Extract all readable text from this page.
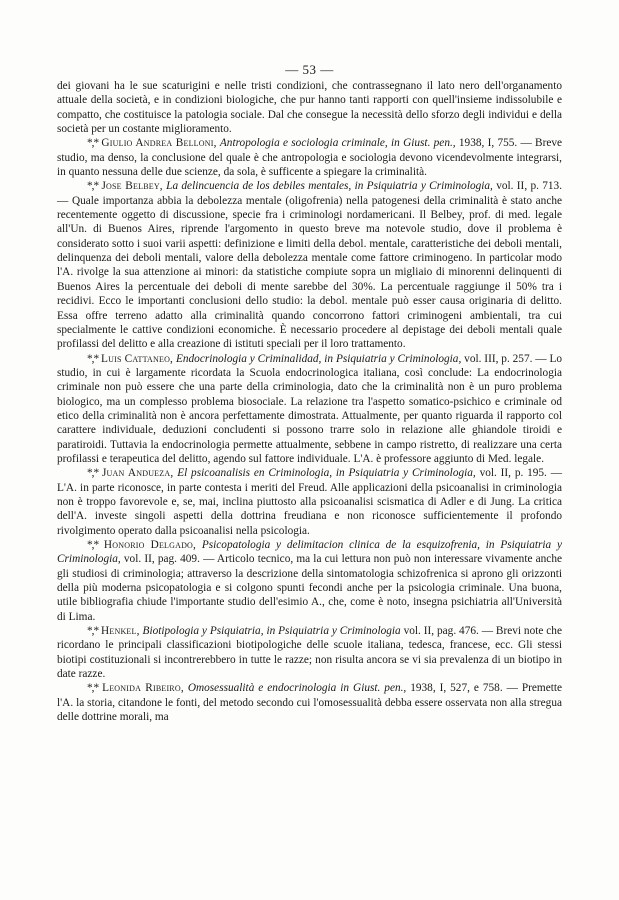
— 53 —

dei giovani ha le sue scaturigini e nelle tristi condizioni, che contrassegnano il lato nero dell'organamento attuale della società, e in condizioni biologiche, che pur hanno tanti rapporti con quell'insieme indissolubile e compatto, che costituisce la patologia sociale. Dal che consegue la necessità dello sforzo degli individui e della società per un costante miglioramento.

*,* Giulio Andrea Belloni, Antropologia e sociologia criminale, in Giust. pen., 1938, I, 755. — Breve studio, ma denso, la conclusione del quale è che antropologia e sociologia devono vicendevolmente integrarsi, in quanto nessuna delle due scienze, da sola, è sufficente a spiegare la criminalità.

*,* Jose Belbey, La delincuencia de los debiles mentales, in Psiquiatria y Criminologia, vol. II, p. 713. — Quale importanza abbia la debolezza mentale (oligofrenia) nella patogenesi della criminalità è stato anche recentemente oggetto di discussione, specie fra i criminologi nordamericani. Il Belbey, prof. di med. legale all'Un. di Buenos Aires, riprende l'argomento in questo breve ma notevole studio, dove il problema è considerato sotto i suoi varii aspetti: definizione e limiti della debol. mentale, caratteristiche dei deboli mentali, delinquenza dei deboli mentali, valore della debolezza mentale come fattore criminogeno. In particolar modo l'A. rivolge la sua attenzione ai minori: da statistiche compiute sopra un migliaio di minorenni delinquenti di Buenos Aires la percentuale dei deboli di mente sarebbe del 30%. La percentuale raggiunge il 50% tra i recidivi. Ecco le importanti conclusioni dello studio: la debol. mentale può esser causa originaria di delitto. Essa offre terreno adatto alla criminalità quando concorrono fattori criminogeni ambientali, tra cui specialmente le cattive condizioni economiche. È necessario procedere al depistage dei deboli mentali quale profilassi del delitto e alla creazione di istituti speciali per il loro trattamento.

*,* Luis Cattaneo, Endocrinologia y Criminalidad, in Psiquiatria y Criminologia, vol. III, p. 257. — Lo studio, in cui è largamente ricordata la Scuola endocrinologica italiana, così conclude: La endocrinologia criminale non può essere che una parte della criminologia, dato che la criminalità non è un puro problema biologico, ma un complesso problema biosociale. La relazione tra l'aspetto somatico-psichico e criminale od etico della criminalità non è ancora perfettamente dimostrata. Attualmente, per quanto riguarda il rapporto col carattere individuale, deduzioni concludenti si possono trarre solo in relazione alle ghiandole tiroidi e paratiroidi. Tuttavia la endocrinologia permette attualmente, sebbene in campo ristretto, di realizzare una certa profilassi e terapeutica del delitto, agendo sul fattore individuale. L'A. è professore aggiunto di Med. legale.

*,* Juan Andueza, El psicoanalisis en Criminologia, in Psiquiatria y Criminologia, vol. II, p. 195. — L'A. in parte riconosce, in parte contesta i meriti del Freud. Alle applicazioni della psicoanalisi in criminologia non è troppo favorevole e, se, mai, inclina piuttosto alla psicoanalisi scismatica di Adler e di Jung. La critica dell'A. investe singoli aspetti della dottrina freudiana e non riconosce sufficientemente il profondo rivolgimento operato dalla psicoanalisi nella psicologia.

*,* Honorio Delgado, Psicopatologia y delimitacion clinica de la esquizofrenia, in Psiquiatria y Criminologia, vol. II, pag. 409. — Articolo tecnico, ma la cui lettura non può non interessare vivamente anche gli studiosi di criminologia; attraverso la descrizione della sintomatologia schizofrenica si aprono gli orizzonti della più moderna psicopatologia e si colgono spunti fecondi anche per la psicologia criminale. Una buona, utile bibliografia chiude l'importante studio dell'esimio A., che, come è noto, insegna psichiatria all'Università di Lima.

*,* Henkel, Biotipologia y Psiquiatria, in Psiquiatria y Criminologia vol. II, pag. 476. — Brevi note che ricordano le principali classificazioni biotipologiche delle scuole italiana, tedesca, francese, ecc. Gli stessi biotipi costituzionali si incontrerebbero in tutte le razze; non risulta ancora se vi sia prevalenza di un biotipo in date razze.

*,* Leonida Ribeiro, Omosessualità e endocrinologia in Giust. pen., 1938, I, 527, e 758. — Premette l'A. la storia, citandone le fonti, del metodo secondo cui l'omosessualità debba essere osservata non alla stregua delle dottrine morali, ma
